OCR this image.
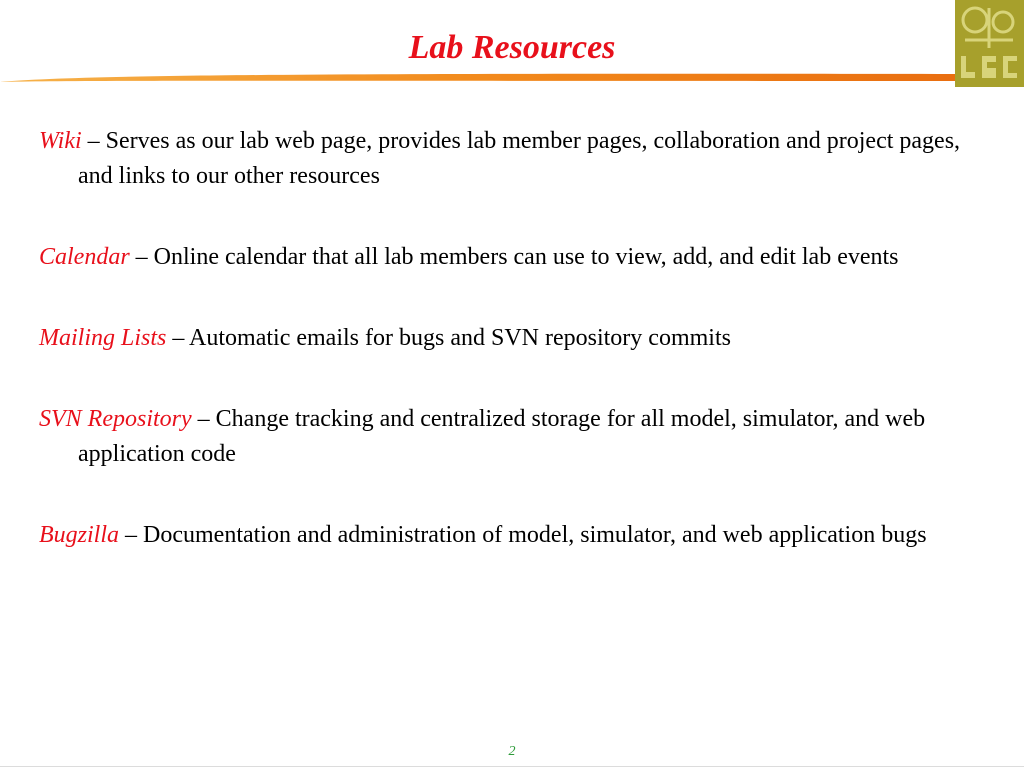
Lab Resources

Wiki – Serves as our lab web page, provides lab member pages, collaboration and project pages, and links to our other resources

Calendar – Online calendar that all lab members can use to view, add, and edit lab events

Mailing Lists – Automatic emails for bugs and SVN repository commits

SVN Repository – Change tracking and centralized storage for all model, simulator, and web application code

Bugzilla – Documentation and administration of model, simulator, and web application bugs

2
